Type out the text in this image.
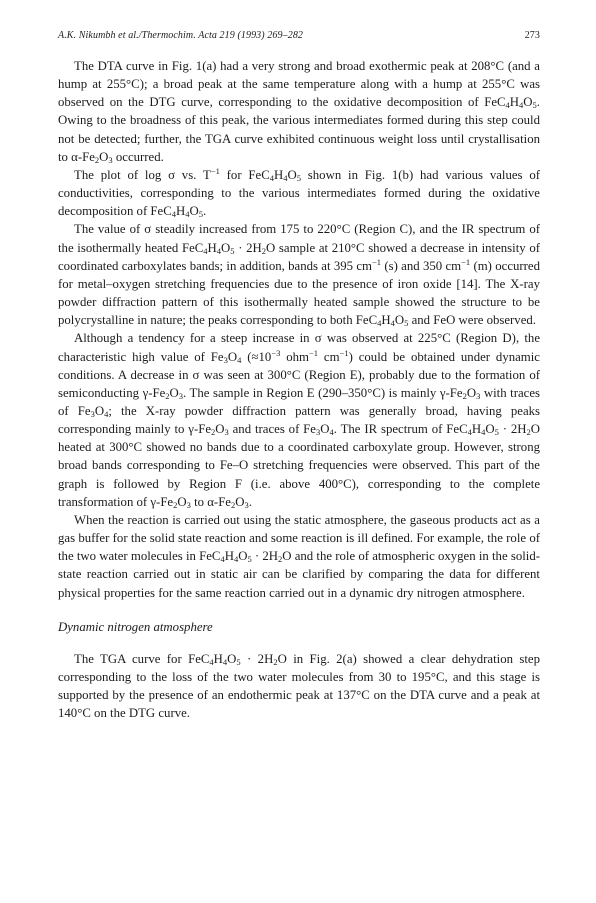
A.K. Nikumbh et al./Thermochim. Acta 219 (1993) 269–282	273

The DTA curve in Fig. 1(a) had a very strong and broad exothermic peak at 208°C (and a hump at 255°C); a broad peak at the same temperature along with a hump at 255°C was observed on the DTG curve, corresponding to the oxidative decomposition of $FeC_4H_4O_5$. Owing to the broadness of this peak, the various intermediates formed during this step could not be detected; further, the TGA curve exhibited continuous weight loss until crystallisation to $\alpha-Fe_2O_3$ occurred.

The plot of log σ vs. $T^{-1}$ for $FeC_4H_4O_5$ shown in Fig. 1(b) had various values of conductivities, corresponding to the various intermediates formed during the oxidative decomposition of $FeC_4H_4O_5$.

The value of σ steadily increased from 175 to 220°C (Region C), and the IR spectrum of the isothermally heated $FeC_4H_4O_5 \cdot 2H_2O$ sample at 210°C showed a decrease in intensity of coordinated carboxylates bands; in addition, bands at 395 $cm^{-1}$ (s) and 350 $cm^{-1}$ (m) occurred for metal–oxygen stretching frequencies due to the presence of iron oxide [14]. The X-ray powder diffraction pattern of this isothermally heated sample showed the structure to be polycrystalline in nature; the peaks corresponding to both $FeC_4H_4O_5$ and FeO were observed.

Although a tendency for a steep increase in σ was observed at 225°C (Region D), the characteristic high value of $Fe_3O_4$ ($\approx 10^{-3}$ ohm$^{-1}$ $cm^{-1}$) could be obtained under dynamic conditions. A decrease in σ was seen at 300°C (Region E), probably due to the formation of semiconducting $\gamma-Fe_2O_3$. The sample in Region E (290–350°C) is mainly $\gamma-Fe_2O_3$ with traces of $Fe_3O_4$; the X-ray powder diffraction pattern was generally broad, having peaks corresponding mainly to $\gamma-Fe_2O_3$ and traces of $Fe_3O_4$. The IR spectrum of $FeC_4H_4O_5 \cdot 2H_2O$ heated at 300°C showed no bands due to a coordinated carboxylate group. However, strong broad bands corresponding to Fe–O stretching frequencies were observed. This part of the graph is followed by Region F (i.e. above 400°C), corresponding to the complete transformation of $\gamma-Fe_2O_3$ to $\alpha-Fe_2O_3$.

When the reaction is carried out using the static atmosphere, the gaseous products act as a gas buffer for the solid state reaction and some reaction is ill defined. For example, the role of the two water molecules in $FeC_4H_4O_5 \cdot 2H_2O$ and the role of atmospheric oxygen in the solid-state reaction carried out in static air can be clarified by comparing the data for different physical properties for the same reaction carried out in a dynamic dry nitrogen atmosphere.

Dynamic nitrogen atmosphere

The TGA curve for $FeC_4H_4O_5 \cdot 2H_2O$ in Fig. 2(a) showed a clear dehydration step corresponding to the loss of the two water molecules from 30 to 195°C, and this stage is supported by the presence of an endothermic peak at 137°C on the DTA curve and a peak at 140°C on the DTG curve.
